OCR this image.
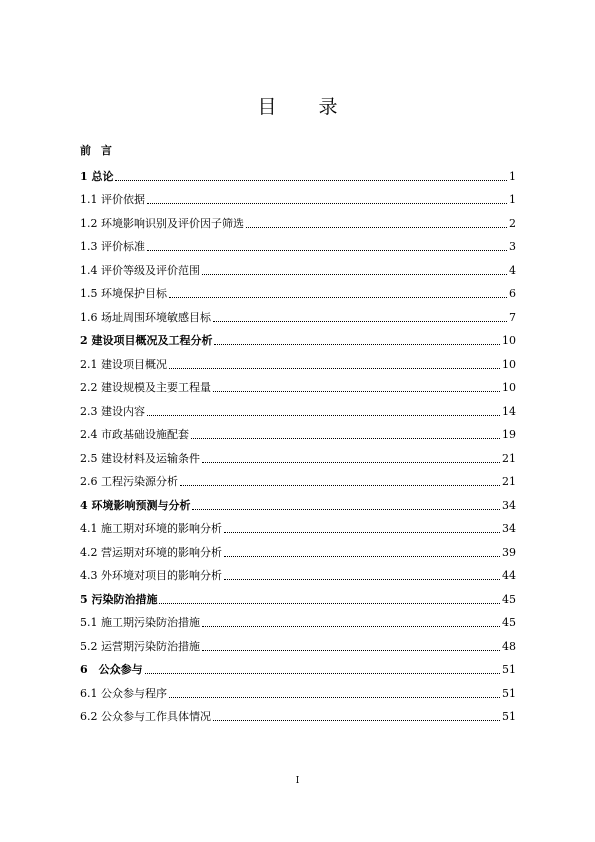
目 录
前 言
1 总论	1
1.1 评价依据	1
1.2 环境影响识别及评价因子筛选	2
1.3 评价标准	3
1.4 评价等级及评价范围	4
1.5 环境保护目标	6
1.6 场址周围环境敏感目标	7
2 建设项目概况及工程分析	10
2.1 建设项目概况	10
2.2 建设规模及主要工程量	10
2.3 建设内容	14
2.4 市政基础设施配套	19
2.5 建设材料及运输条件	21
2.6 工程污染源分析	21
4 环境影响预测与分析	34
4.1 施工期对环境的影响分析	34
4.2 营运期对环境的影响分析	39
4.3 外环境对项目的影响分析	44
5 污染防治措施	45
5.1 施工期污染防治措施	45
5.2 运营期污染防治措施	48
6　公众参与	51
6.1 公众参与程序	51
6.2 公众参与工作具体情况	51
I
